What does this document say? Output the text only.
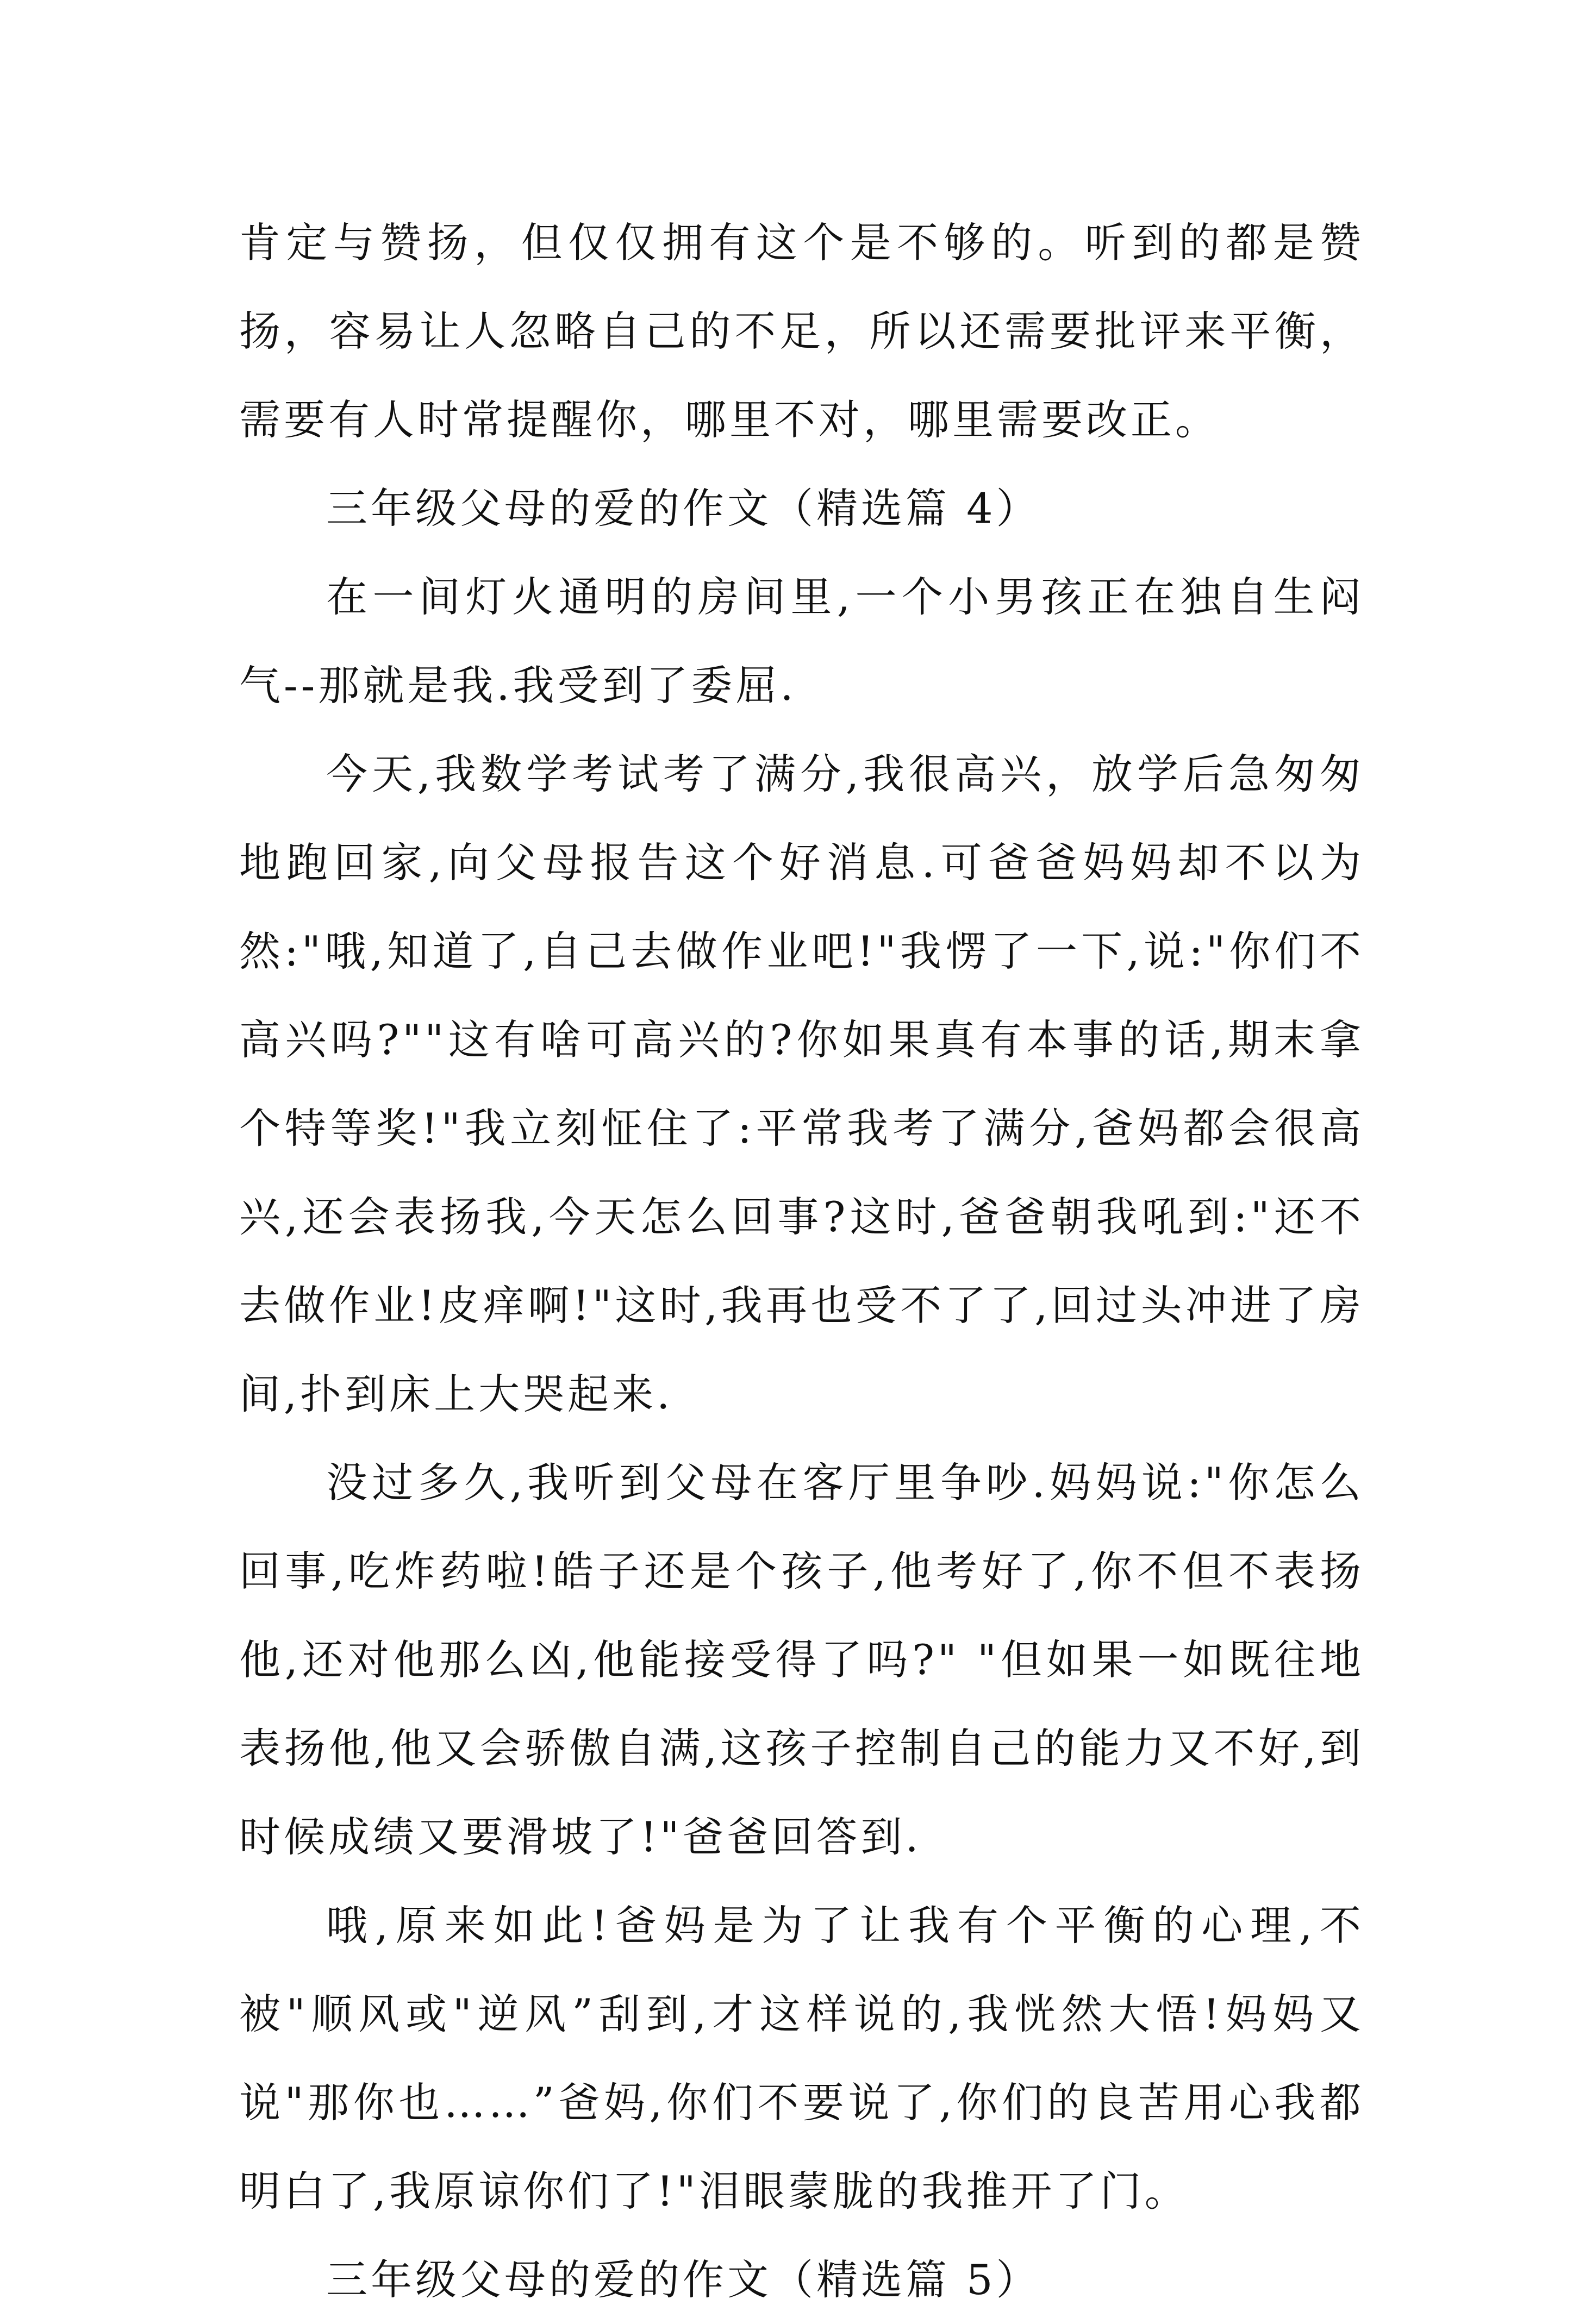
肯定与赞扬，但仅仅拥有这个是不够的。听到的都是赞扬，容易让人忽略自己的不足，所以还需要批评来平衡，需要有人时常提醒你，哪里不对，哪里需要改正。

三年级父母的爱的作文（精选篇 4）

在一间灯火通明的房间里,一个小男孩正在独自生闷气--那就是我.我受到了委屈.

今天,我数学考试考了满分,我很高兴，放学后急匆匆地跑回家,向父母报告这个好消息.可爸爸妈妈却不以为然:"哦,知道了,自己去做作业吧!"我愣了一下,说:"你们不高兴吗?""这有啥可高兴的?你如果真有本事的话,期末拿个特等奖!"我立刻怔住了:平常我考了满分,爸妈都会很高兴,还会表扬我,今天怎么回事?这时,爸爸朝我吼到:"还不去做作业!皮痒啊!"这时,我再也受不了了,回过头冲进了房间,扑到床上大哭起来.

没过多久,我听到父母在客厅里争吵.妈妈说:"你怎么回事,吃炸药啦!皓子还是个孩子,他考好了,你不但不表扬他,还对他那么凶,他能接受得了吗?" "但如果一如既往地表扬他,他又会骄傲自满,这孩子控制自己的能力又不好,到时候成绩又要滑坡了!"爸爸回答到.

哦,原来如此!爸妈是为了让我有个平衡的心理,不被"顺风或"逆风”刮到,才这样说的,我恍然大悟!妈妈又说"那你也……”爸妈,你们不要说了,你们的良苦用心我都明白了,我原谅你们了!"泪眼蒙胧的我推开了门。

三年级父母的爱的作文（精选篇 5）
